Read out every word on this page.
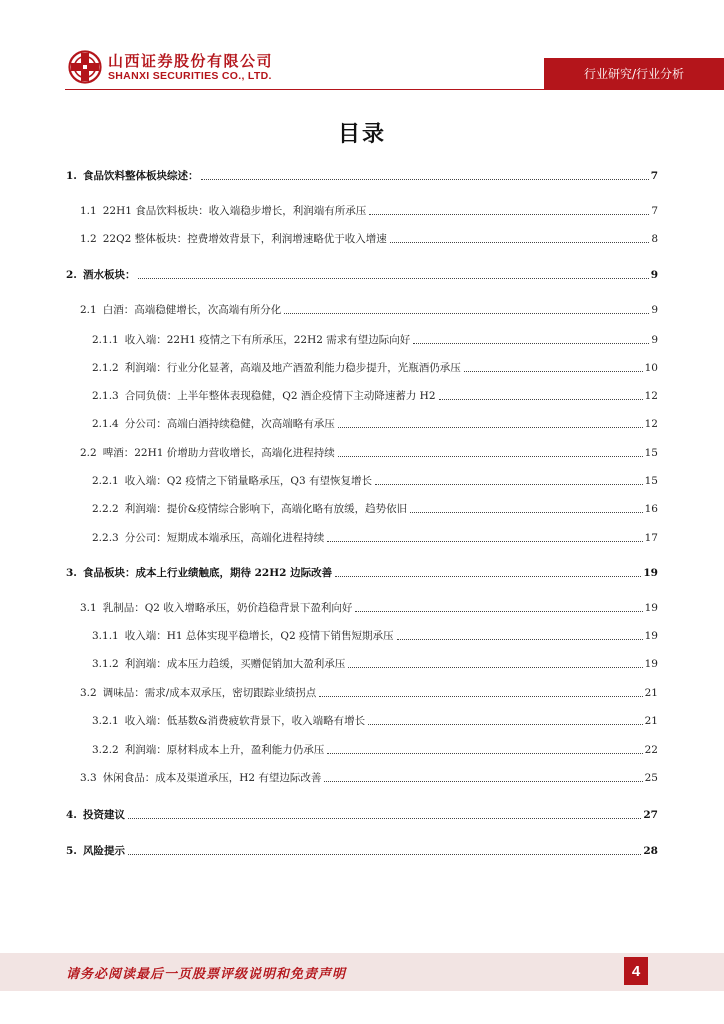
山西证券股份有限公司
SHANXI SECURITIES CO., LTD.	行业研究/行业分析
目录
1. 食品饮料整体板块综述：	7
1.1 22H1 食品饮料板块：收入端稳步增长，利润端有所承压	7
1.2 22Q2 整体板块：控费增效背景下，利润增速略优于收入增速	8
2. 酒水板块：	9
2.1 白酒：高端稳健增长，次高端有所分化	9
2.1.1 收入端：22H1 疫情之下有所承压，22H2 需求有望边际向好	9
2.1.2 利润端：行业分化显著，高端及地产酒盈利能力稳步提升，光瓶酒仍承压	10
2.1.3 合同负债：上半年整体表现稳健，Q2 酒企疫情下主动降速蓄力 H2	12
2.1.4 分公司：高端白酒持续稳健，次高端略有承压	12
2.2 啤酒：22H1 价增助力营收增长，高端化进程持续	15
2.2.1 收入端：Q2 疫情之下销量略承压，Q3 有望恢复增长	15
2.2.2 利润端：提价&疫情综合影响下，高端化略有放缓，趋势依旧	16
2.2.3 分公司：短期成本端承压，高端化进程持续	17
3. 食品板块：成本上行业绩触底，期待 22H2 边际改善	19
3.1 乳制品：Q2 收入增略承压，奶价趋稳背景下盈利向好	19
3.1.1 收入端：H1 总体实现平稳增长，Q2 疫情下销售短期承压	19
3.1.2 利润端：成本压力趋缓，买赠促销加大盈利承压	19
3.2 调味品：需求/成本双承压，密切跟踪业绩拐点	21
3.2.1 收入端：低基数&消费疲软背景下，收入端略有增长	21
3.2.2 利润端：原材料成本上升，盈利能力仍承压	22
3.3 休闲食品：成本及渠道承压，H2 有望边际改善	25
4. 投资建议	27
5. 风险提示	28
请务必阅读最后一页股票评级说明和免责声明	4
